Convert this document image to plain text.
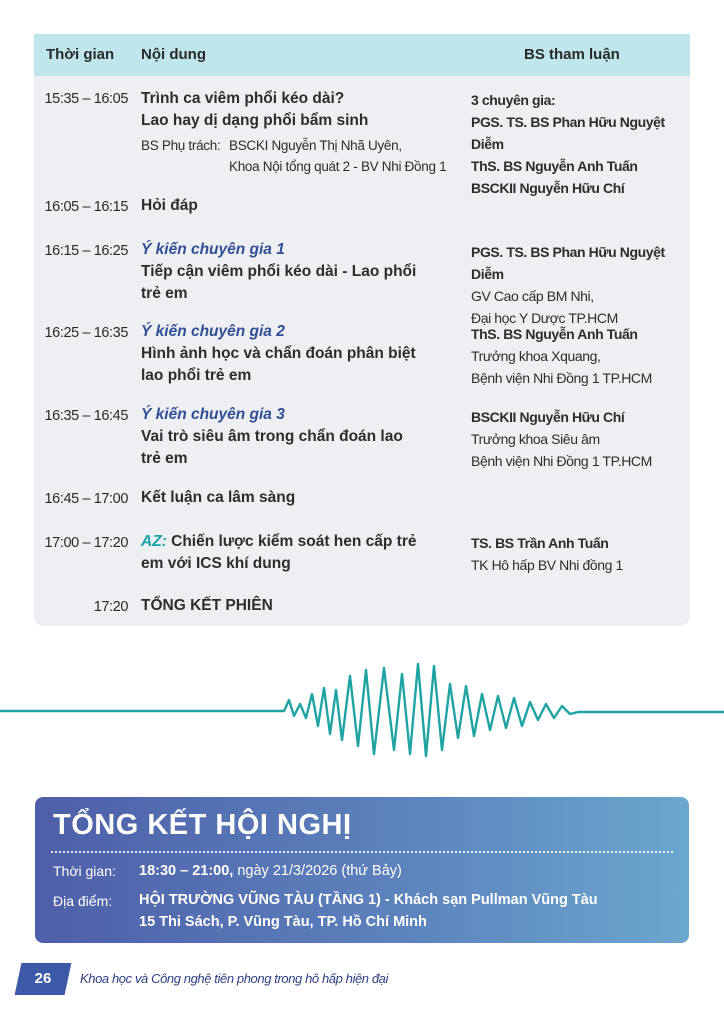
Thời gian Nội dung	BS tham luận
15:35 – 16:05 Trình ca viêm phổi kéo dài?
Lao hay dị dạng phổi bẩm sinh
BS Phụ trách: BSCKI Nguyễn Thị Nhã Uyên,
Khoa Nội tổng quát 2 - BV Nhi Đồng 1
3 chuyên gia:
PGS. TS. BS Phan Hữu Nguyệt Diễm
ThS. BS Nguyễn Anh Tuấn
BSCKII Nguyễn Hữu Chí
16:05 – 16:15 Hỏi đáp
16:15 – 16:25 Ý kiến chuyên gia 1
Tiếp cận viêm phổi kéo dài - Lao phổi
trẻ em
PGS. TS. BS Phan Hữu Nguyệt Diễm
GV Cao cấp BM Nhi,
Đại học Y Dược TP.HCM
16:25 – 16:35 Ý kiến chuyên gia 2
Hình ảnh học và chẩn đoán phân biệt
lao phổi trẻ em
ThS. BS Nguyễn Anh Tuấn
Trưởng khoa Xquang,
Bệnh viện Nhi Đồng 1 TP.HCM
16:35 – 16:45 Ý kiến chuyên gia 3
Vai trò siêu âm trong chẩn đoán lao
trẻ em
BSCKII Nguyễn Hữu Chí
Trưởng khoa Siêu âm
Bệnh viện Nhi Đồng 1 TP.HCM
16:45 – 17:00 Kết luận ca lâm sàng
17:00 – 17:20 AZ: Chiến lược kiểm soát hen cấp trẻ
em với ICS khí dung
TS. BS Trần Anh Tuấn
TK Hô hấp BV Nhi đồng 1
17:20 TỔNG KẾT PHIÊN
TỔNG KẾT HỘI NGHỊ
Thời gian: 18:30 – 21:00, ngày 21/3/2026 (thứ Bảy)
Địa điểm: HỘI TRƯỜNG VŨNG TÀU (TẦNG 1) - Khách sạn Pullman Vũng Tàu
15 Thi Sách, P. Vũng Tàu, TP. Hồ Chí Minh
26	Khoa học và Công nghệ tiên phong trong hô hấp hiện đại
